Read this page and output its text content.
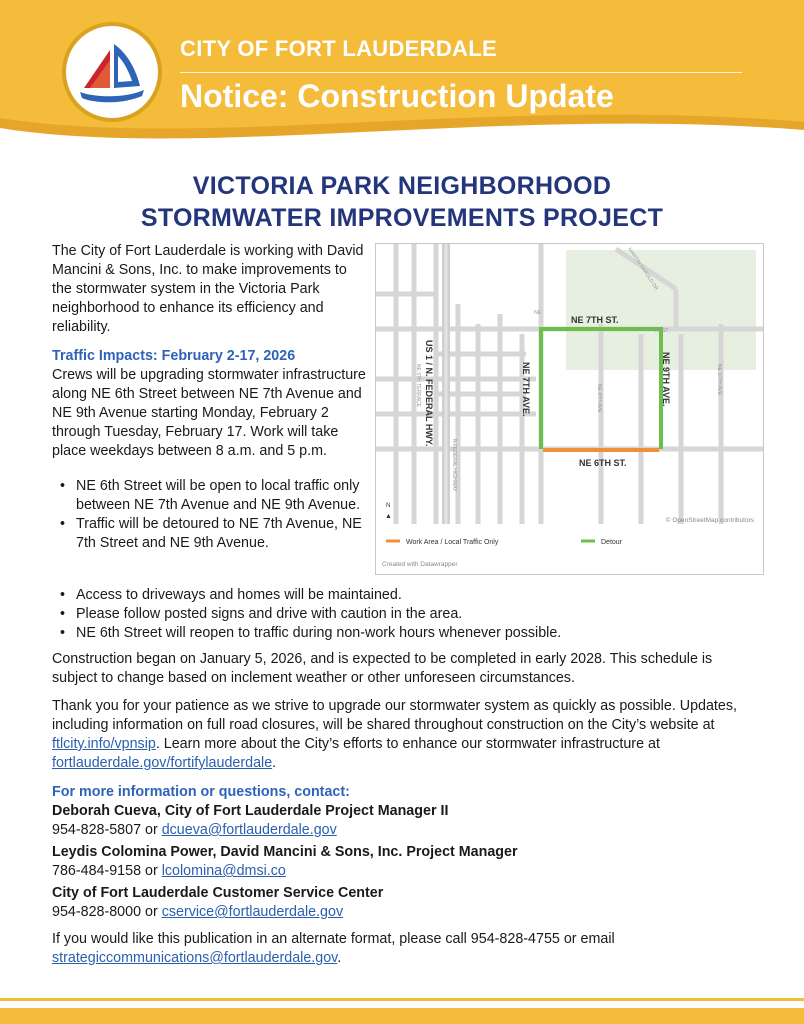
CITY OF FORT LAUDERDALE
Notice: Construction Update
VICTORIA PARK NEIGHBORHOOD
STORMWATER IMPROVEMENTS PROJECT
The City of Fort Lauderdale is working with David Mancini & Sons, Inc. to make improvements to the stormwater system in the Victoria Park neighborhood to enhance its efficiency and reliability.
Traffic Impacts: February 2-17, 2026
Crews will be upgrading stormwater infrastructure along NE 6th Street between NE 7th Avenue and NE 9th Avenue starting Monday, February 2 through Tuesday, February 17. Work will take place weekdays between 8 a.m. and 5 p.m.
• NE 6th Street will be open to local traffic only between NE 7th Avenue and NE 9th Avenue.
• Traffic will be detoured to NE 7th Avenue, NE 7th Street and NE 9th Avenue.
• Access to driveways and homes will be maintained.
• Please follow posted signs and drive with caution in the area.
• NE 6th Street will reopen to traffic during non-work hours whenever possible.
NE 7TH ST.
TH ST
NE
NE 6TH ST.
NE 7TH AVE.	NE 9TH AVE.
US 1 / N. FEDERAL HWY.
NE 5TH TERRACE
N FEDERAL HIGHWAY
NE 8TH AVE
NE 10TH AVE
MARTIN HAROLD DR
N
▲
© OpenStreetMap contributors
Work Area / Local Traffic Only	Detour
Created with Datawrapper
Construction began on January 5, 2026, and is expected to be completed in early 2028. This schedule is subject to change based on inclement weather or other unforeseen circumstances.
Thank you for your patience as we strive to upgrade our stormwater system as quickly as possible. Updates, including information on full road closures, will be shared throughout construction on the City’s website at ftlcity.info/vpnsip. Learn more about the City’s efforts to enhance our stormwater infrastructure at fortlauderdale.gov/fortifylauderdale.
For more information or questions, contact:
Deborah Cueva, City of Fort Lauderdale Project Manager II
954-828-5807 or dcueva@fortlauderdale.gov
Leydis Colomina Power, David Mancini & Sons, Inc. Project Manager
786-484-9158 or lcolomina@dmsi.co
City of Fort Lauderdale Customer Service Center
954-828-8000 or cservice@fortlauderdale.gov
If you would like this publication in an alternate format, please call 954-828-4755 or email strategiccommunications@fortlauderdale.gov.
